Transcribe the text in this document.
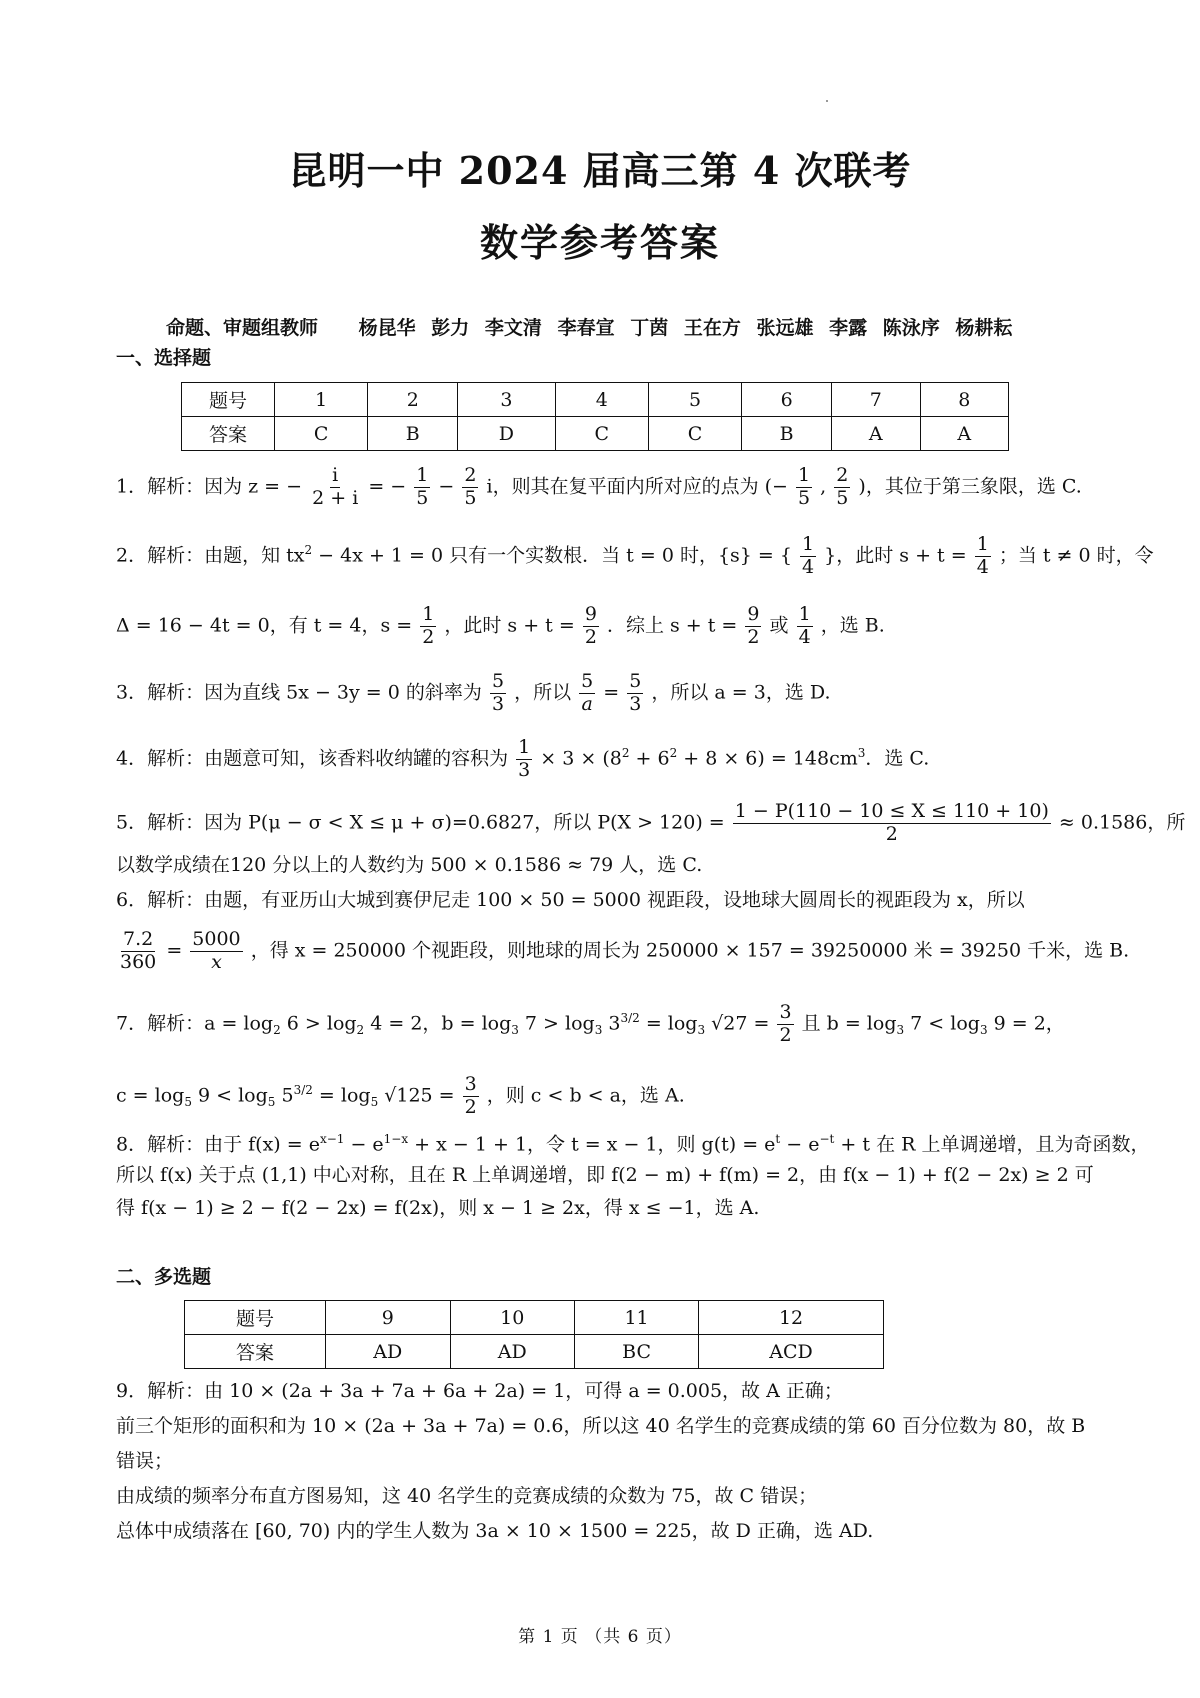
昆明一中 2024 届高三第 4 次联考
数学参考答案
命题、审题组教师 杨昆华 彭力 李文清 李春宣 丁茵 王在方 张远雄 李露 陈泳序 杨耕耘
一、选择题
题号	1	2	3	4	5	6	7	8
答案	C	B	D	C	C	B	A	A
1．解析：因为 z = − $\frac{i}{2 + i}$ = − $\frac{1}{5} - \frac{2}{5}$ i，则其在复平面内所对应的点为 (− $\frac{1}{5}$ , $\frac{2}{5}$ )，其位于第三象限，选 C.
2．解析：由题，知 $tx^2 - 4x + 1 = 0$ 只有一个实数根．当 t = 0 时，{s} = { $\frac{1}{4}$ }，此时 $s + t = \frac{1}{4}$ ；当 t ≠ 0 时，令
Δ = 16 − 4t = 0，有 t = 4，$s = \frac{1}{2}$ ，此时 $s + t = \frac{9}{2}$ ．综上 $s + t = \frac{9}{2}$ 或 $\frac{1}{4}$ ，选 B.
3．解析：因为直线 5x − 3y = 0 的斜率为 $\frac{5}{3}$ ，所以 $\frac{5}{a} = \frac{5}{3}$ ，所以 a = 3，选 D.
4．解析：由题意可知，该香料收纳罐的容积为 $\frac{1}{3} \times 3 \times (8^2 + 6^2 + 8 \times 6) = 148cm^3$．选 C.
5．解析：因为 P(μ − σ < X ≤ μ + σ)=0.6827，所以 $P(X > 120) = \frac{1 - P(110 - 10 \le X \le 110 + 10)}{2} \approx 0.1586$，所
以数学成绩在120 分以上的人数约为 500 × 0.1586 ≈ 79 人，选 C.
6．解析：由题，有亚历山大城到赛伊尼走 100 × 50 = 5000 视距段，设地球大圆周长的视距段为 x，所以
$\frac{7.2}{360} = \frac{5000}{x}$ ，得 x = 250000 个视距段，则地球的周长为 250000 × 157 = 39250000 米 = 39250 千米，选 B.
7．解析：$a = \log_2 6 > \log_2 4 = 2$，$b = \log_3 7 > \log_3 3^{3/2} = \log_3 √27 = \frac{3}{2}$ 且 $b = \log_3 7 < \log_3 9 = 2$，
$c = \log_5 9 < \log_5 5^{3/2} = \log_5 √125 = \frac{3}{2}$ ，则 c < b < a，选 A.
8．解析：由于 $f(x) = e^{x-1} - e^{1-x} + x - 1 + 1$，令 t = x − 1，则 $g(t) = e^t - e^{-t} + t$ 在 R 上单调递增，且为奇函数，
所以 f(x) 关于点 (1,1) 中心对称，且在 R 上单调递增，即 f(2 − m) + f(m) = 2，由 f(x − 1) + f(2 − 2x) ≥ 2 可
得 f(x − 1) ≥ 2 − f(2 − 2x) = f(2x)，则 x − 1 ≥ 2x，得 x ≤ −1，选 A.
二、多选题
题号	9	10	11	12
答案	AD	AD	BC	ACD
9．解析：由 10 × (2a + 3a + 7a + 6a + 2a) = 1，可得 a = 0.005，故 A 正确；
前三个矩形的面积和为 10 × (2a + 3a + 7a) = 0.6，所以这 40 名学生的竞赛成绩的第 60 百分位数为 80，故 B
错误；
由成绩的频率分布直方图易知，这 40 名学生的竞赛成绩的众数为 75，故 C 错误；
总体中成绩落在 [60, 70) 内的学生人数为 3a × 10 × 1500 = 225，故 D 正确，选 AD.
第 1 页 （共 6 页）
